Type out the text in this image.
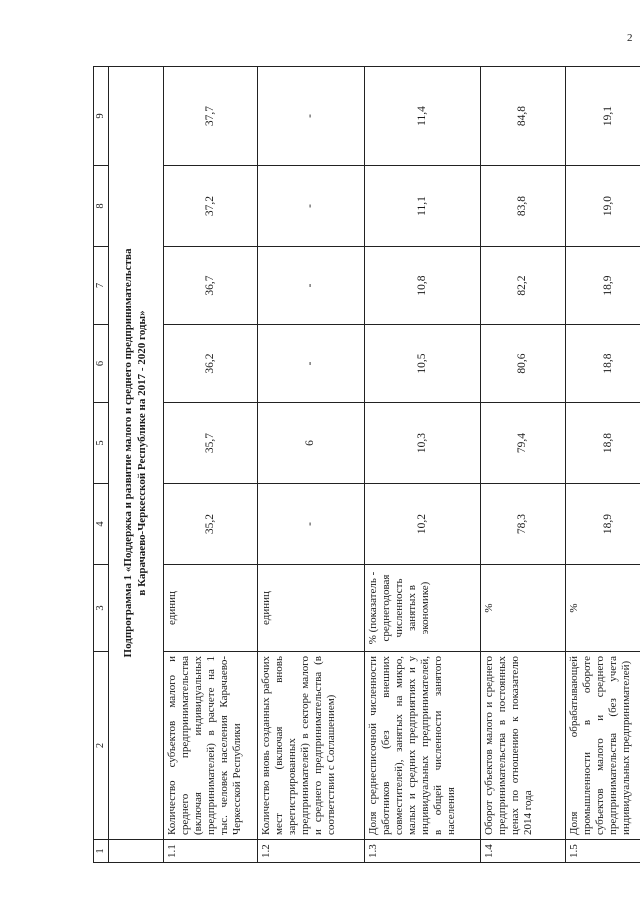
2
1	2	3	4	5	6	7	8	9
	Подпрограмма 1 «Поддержка и развитие малого и среднего предпринимательства в Карачаево-Черкесской Республике на 2017 - 2020 годы»							
1.1	Количество субъектов малого и среднего предпринимательства (включая индивидуальных предпринимателей) в расчете на 1 тыс. человек населения Карачаево-Черкесской Республики	единиц	35,2	35,7	36,2	36,7	37,2	37,7
1.2	Количество вновь созданных рабочих мест (включая вновь зарегистрированных предпринимателей) в секторе малого и среднего предпринимательства (в соответствии с Соглашением)	единиц	-	6	-	-	-	-
1.3	Доля среднесписочной численности работников (без внешних совместителей), занятых на микро, малых и средних предприятиях и у индивидуальных предпринимателей, в общей численности занятого населения	% (показатель - среднегодовая численность занятых в экономике)	10,2	10,3	10,5	10,8	11,1	11,4
1.4	Оборот субъектов малого и среднего предпринимательства в постоянных ценах по отношению к показателю 2014 года	%	78,3	79,4	80,6	82,2	83,8	84,8
1.5	Доля обрабатывающей промышленности в обороте субъектов малого и среднего предпринимательства (без учета индивидуальных предпринимателей)	%	18,9	18,8	18,8	18,9	19,0	19,1
